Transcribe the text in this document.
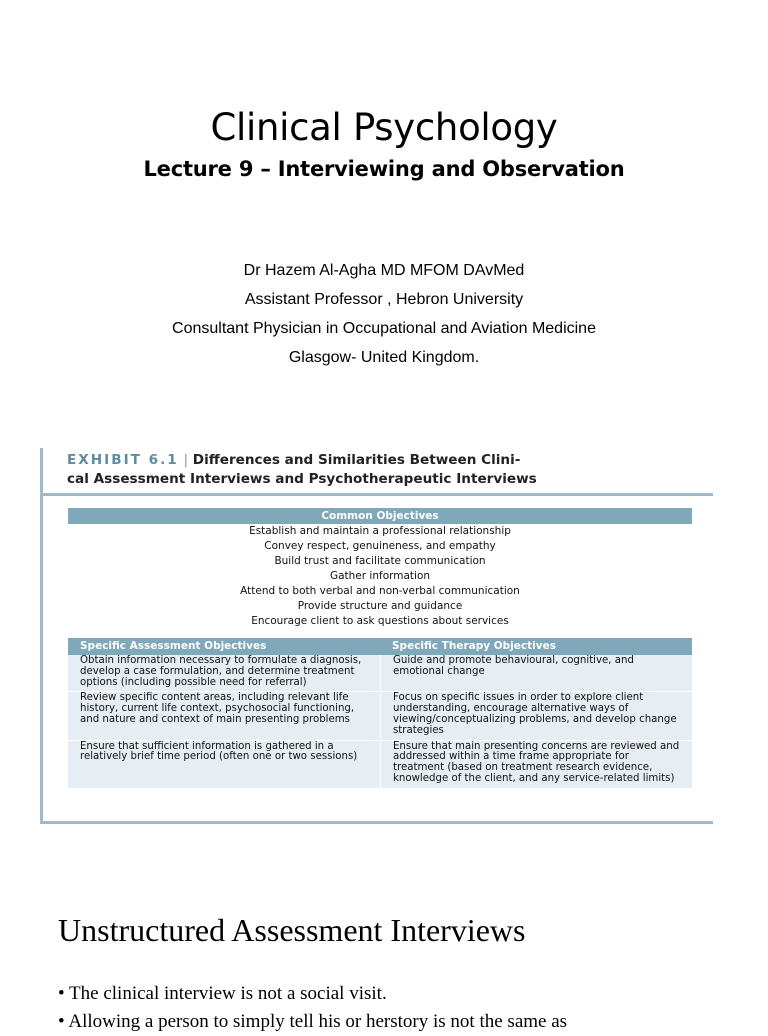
Clinical Psychology
Lecture 9 – Interviewing and Observation
Dr Hazem Al-Agha MD MFOM DAvMed
Assistant Professor , Hebron University
Consultant Physician in Occupational and Aviation Medicine
Glasgow- United Kingdom.
EXHIBIT 6.1 | Differences and Similarities Between Clini-
cal Assessment Interviews and Psychotherapeutic Interviews
Common Objectives
Establish and maintain a professional relationship
Convey respect, genuineness, and empathy
Build trust and facilitate communication
Gather information
Attend to both verbal and non-verbal communication
Provide structure and guidance
Encourage client to ask questions about services
Specific Assessment Objectives	Specific Therapy Objectives
Obtain information necessary to formulate a diagnosis, develop a case formulation, and determine treatment options (including possible need for referral)
Guide and promote behavioural, cognitive, and emotional change
Review specific content areas, including relevant life history, current life context, psychosocial functioning, and nature and context of main presenting problems
Focus on specific issues in order to explore client understanding, encourage alternative ways of viewing/conceptualizing problems, and develop change strategies
Ensure that sufficient information is gathered in a relatively brief time period (often one or two sessions)
Ensure that main presenting concerns are reviewed and addressed within a time frame appropriate for treatment (based on treatment research evidence, knowledge of the client, and any service-related limits)
Unstructured Assessment Interviews
• The clinical interview is not a social visit.
• Allowing a person to simply tell his or herstory is not the same as
